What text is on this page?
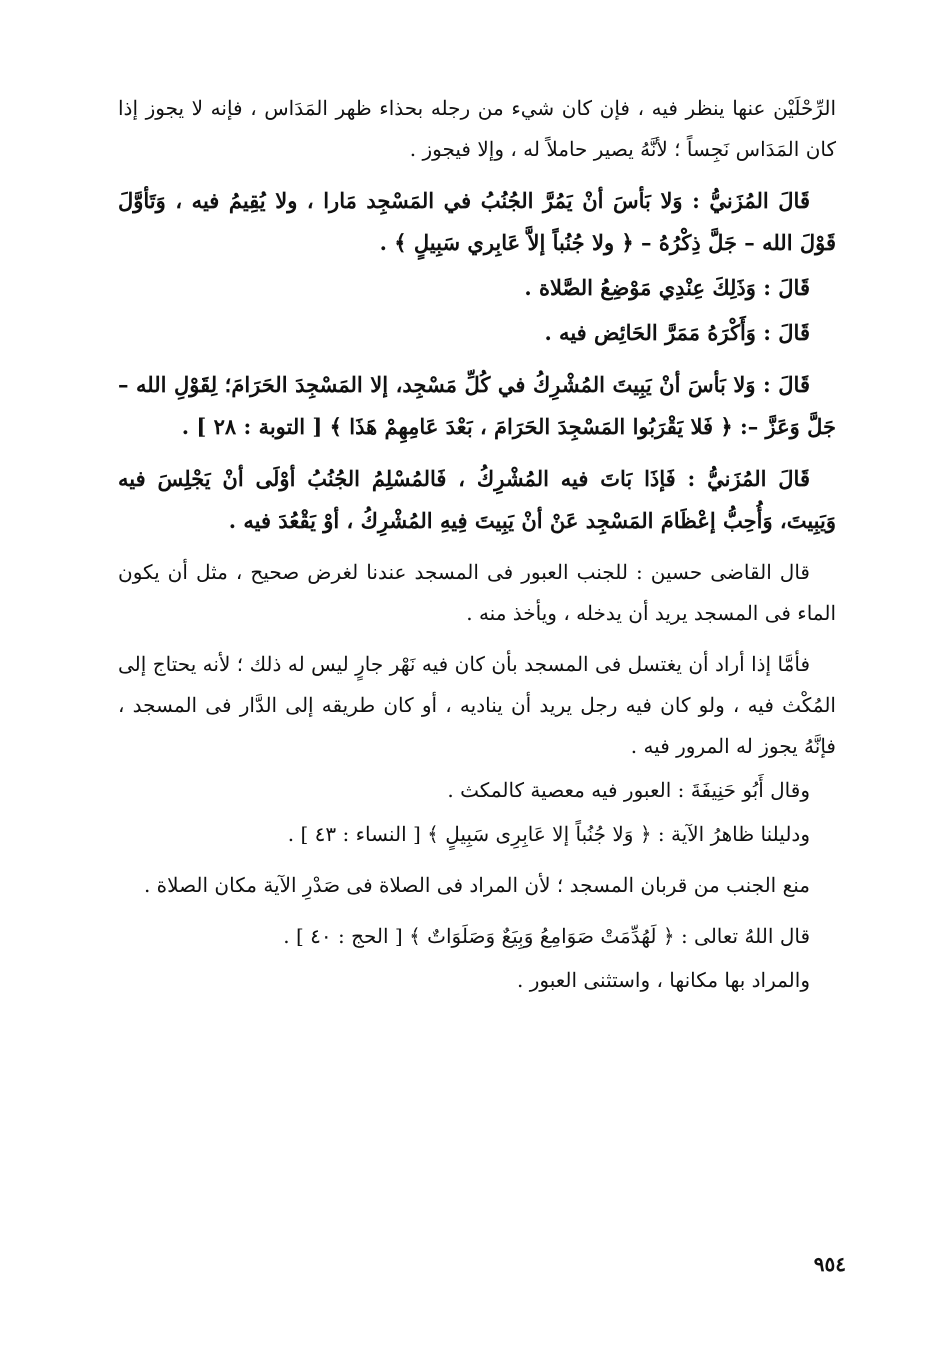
الرِّحْلَيْن عنها ينظر فيه ، فإن كان شيء من رجله بحذاء ظهر المَدَاس ، فإنه لا يجوز إذا كان المَدَاس نَجِساً ؛ لأنَّهُ يصير حاملاً له ، وإلا فيجوز .

قَالَ المُزَنيُّ : وَلا بَأسَ أنْ يَمُرَّ الجُنُبُ في المَسْجِد مَارا ، ولا يُقِيمُ فيه ، وَتَأوَّلَ قَوْلَ الله – جَلَّ ذِكْرُهُ – ﴿ ولا جُنُباً إلاَّ عَابِري سَبِيلٍ ﴾ .

قَالَ : وَذَلِكَ عِنْدِي مَوْضِعُ الصَّلاة .

قَالَ : وَأَكْرَهُ مَمَرَّ الحَائِض فيه .

قَالَ : وَلا بَأسَ أنْ يَبِيتَ المُشْرِكُ في كُلِّ مَسْجِد، إلا المَسْجِدَ الحَرَامَ؛ لِقَوْلِ الله – جَلَّ وَعَزَّ –: ﴿ فَلا يَقْرَبُوا المَسْجِدَ الحَرَامَ ، بَعْدَ عَامِهِمْ هَذَا ﴾ [ التوبة : ٢٨ ] .

قَالَ المُزَنيُّ : فَإذَا بَاتَ فيه المُشْرِكُ ، فَالمُسْلِمُ الجُنُبُ أوْلَى أنْ يَجْلِسَ فيه وَيَبِيتَ، وَأُحِبُّ إعْظَامَ المَسْجِد عَنْ أنْ يَبِيتَ فِيهِ المُشْرِكُ ، أوْ يَقْعُدَ فيه .

قال القاضى حسين : للجنب العبور فى المسجد عندنا لغرض صحيح ، مثل أن يكون الماء فى المسجد يريد أن يدخله ، ويأخذ منه .

فأمَّا إذا أراد أن يغتسل فى المسجد بأن كان فيه نَهْر جارٍ ليس له ذلك ؛ لأنه يحتاج إلى المُكْث فيه ، ولو كان فيه رجل يريد أن يناديه ، أو كان طريقه إلى الدَّار فى المسجد ، فإنَّهُ يجوز له المرور فيه .

وقال أَبُو حَنِيفَةَ : العبور فيه معصية كالمكث .

ودليلنا ظاهرُ الآية : ﴿ وَلا جُنُباً إلا عَابِرِى سَبِيلٍ ﴾ [ النساء : ٤٣ ] .

منع الجنب من قربان المسجد ؛ لأن المراد فى الصلاة فى صَدْرِ الآية مكان الصلاة .

قال اللهُ تعالى : ﴿ لَهُدِّمَتْ صَوَامِعُ وَبِيَعٌ وَصَلَوَاتٌ ﴾ [ الحج : ٤٠ ] .

والمراد بها مكانها ، واستثنى العبور .

٩٥٤
